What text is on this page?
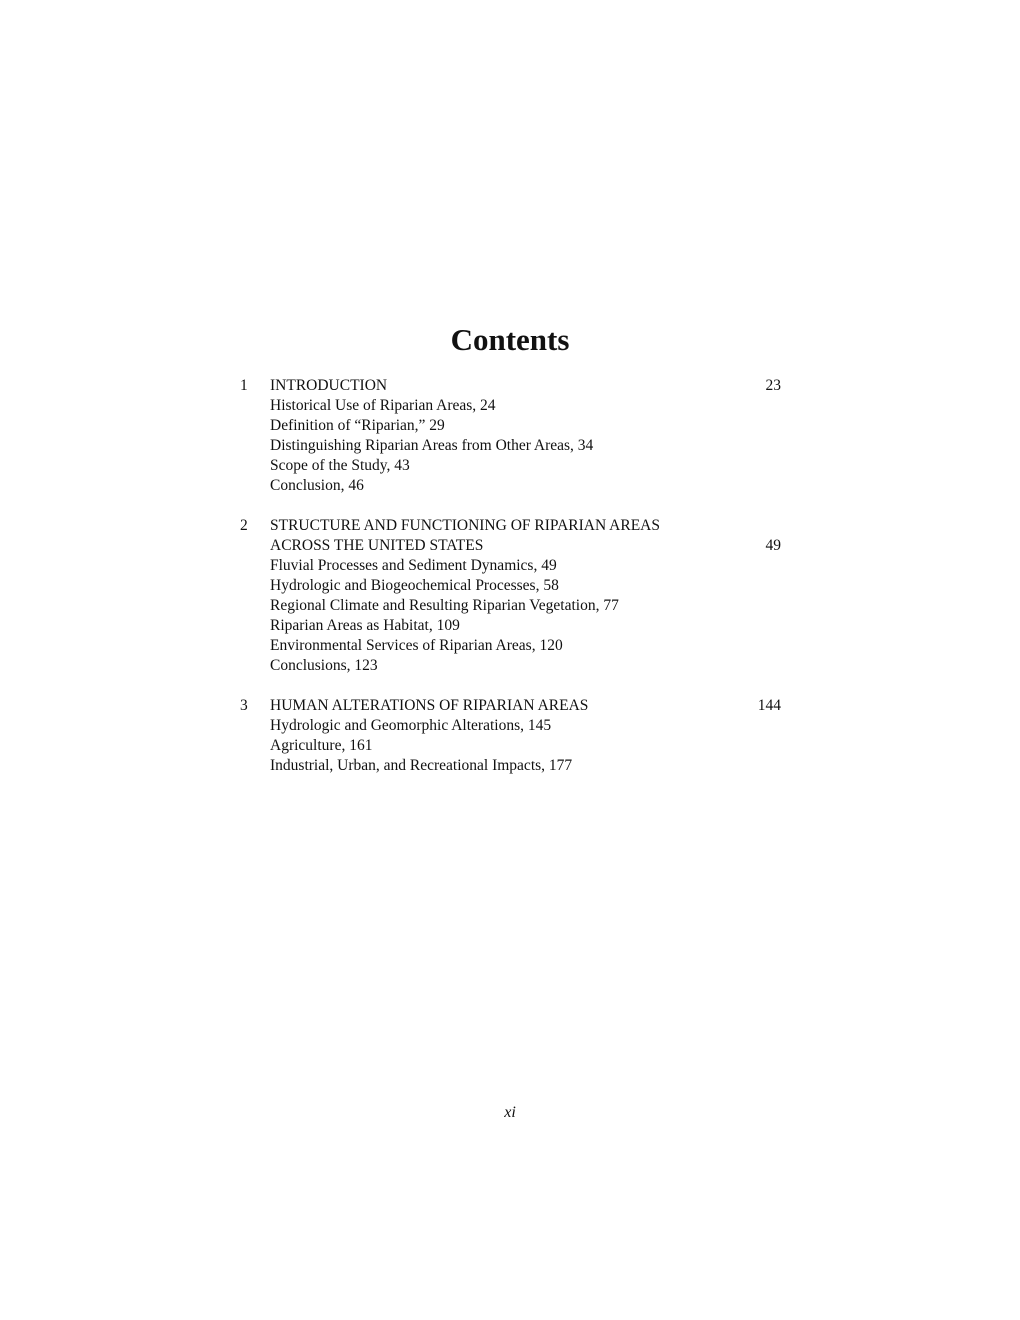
Contents
1	INTRODUCTION	23
Historical Use of Riparian Areas, 24
Definition of “Riparian,” 29
Distinguishing Riparian Areas from Other Areas, 34
Scope of the Study, 43
Conclusion, 46
2	STRUCTURE AND FUNCTIONING OF RIPARIAN AREAS
ACROSS THE UNITED STATES	49
Fluvial Processes and Sediment Dynamics, 49
Hydrologic and Biogeochemical Processes, 58
Regional Climate and Resulting Riparian Vegetation, 77
Riparian Areas as Habitat, 109
Environmental Services of Riparian Areas, 120
Conclusions, 123
3	HUMAN ALTERATIONS OF RIPARIAN AREAS	144
Hydrologic and Geomorphic Alterations, 145
Agriculture, 161
Industrial, Urban, and Recreational Impacts, 177
xi
